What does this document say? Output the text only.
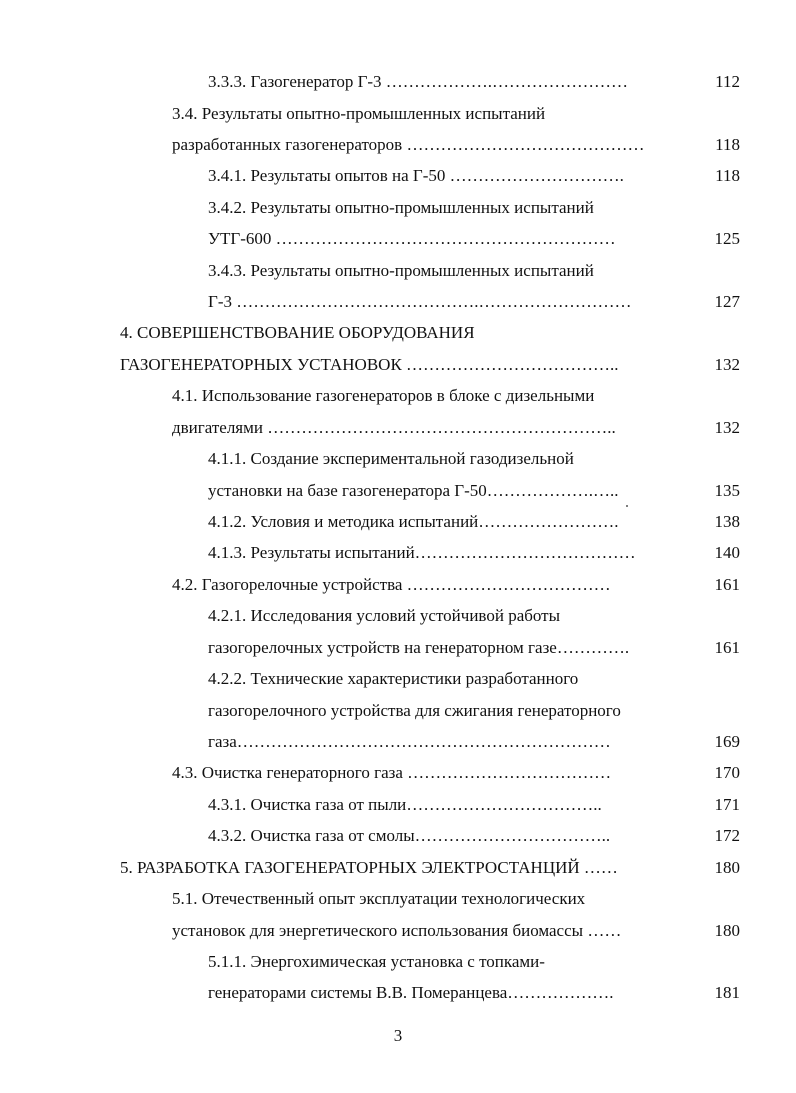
3.3.3. Газогенератор Г-3 ……………….……………………	112
3.4. Результаты опытно-промышленных испытаний
разработанных газогенераторов ……………………………………	118
3.4.1. Результаты опытов на Г-50 ………………………….	118
3.4.2. Результаты опытно-промышленных испытаний
УТГ-600 ……………………………………………………	125
3.4.3. Результаты опытно-промышленных испытаний
Г-3 …………………………………….………………………	127
4. СОВЕРШЕНСТВОВАНИЕ ОБОРУДОВАНИЯ
ГАЗОГЕНЕРАТОРНЫХ УСТАНОВОК ………………………………..	132
4.1. Использование газогенераторов в блоке с дизельными
двигателями ……………………………………………………..	132
4.1.1. Создание экспериментальной газодизельной
установки на базе газогенератора Г-50……………….…..	135
4.1.2. Условия и методика испытаний…………………….	138
4.1.3. Результаты испытаний…………………………………	140
4.2. Газогорелочные устройства ………………………………	161
4.2.1. Исследования условий устойчивой работы
газогорелочных устройств на генераторном газе………….	161
4.2.2. Технические характеристики разработанного
газогорелочного устройства для сжигания генераторного
газа…………………………………………………………	169
4.3. Очистка генераторного газа ………………………………	170
4.3.1. Очистка газа от пыли……………………………..	171
4.3.2. Очистка газа от смолы……………………………..	172
5. РАЗРАБОТКА ГАЗОГЕНЕРАТОРНЫХ ЭЛЕКТРОСТАНЦИЙ ……	180
5.1. Отечественный опыт эксплуатации технологических
установок для энергетического использования биомассы ……	180
5.1.1. Энергохимическая установка с топками-
генераторами системы В.В. Померанцева……………….	181
3
